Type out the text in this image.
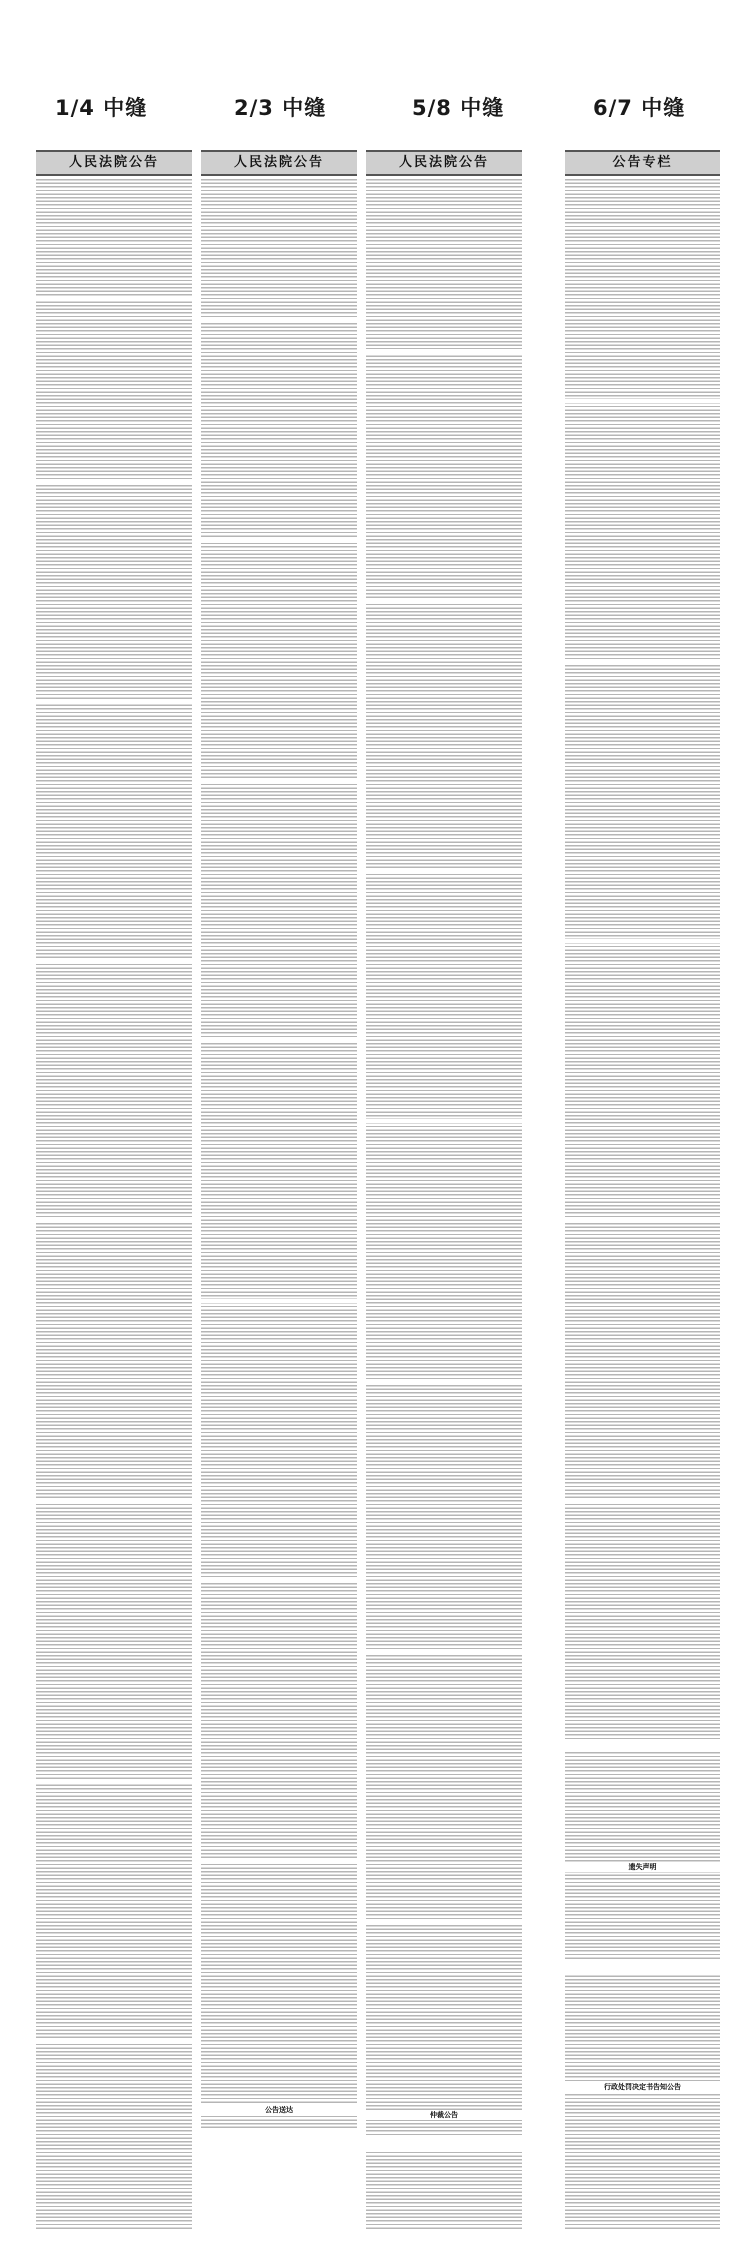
1/4 中缝	2/3 中缝	5/8 中缝	6/7 中缝
人民法院公告	人民法院公告
公告送达
人民法院公告
仲裁公告
公告专栏
遗失声明
行政处罚决定书告知公告
